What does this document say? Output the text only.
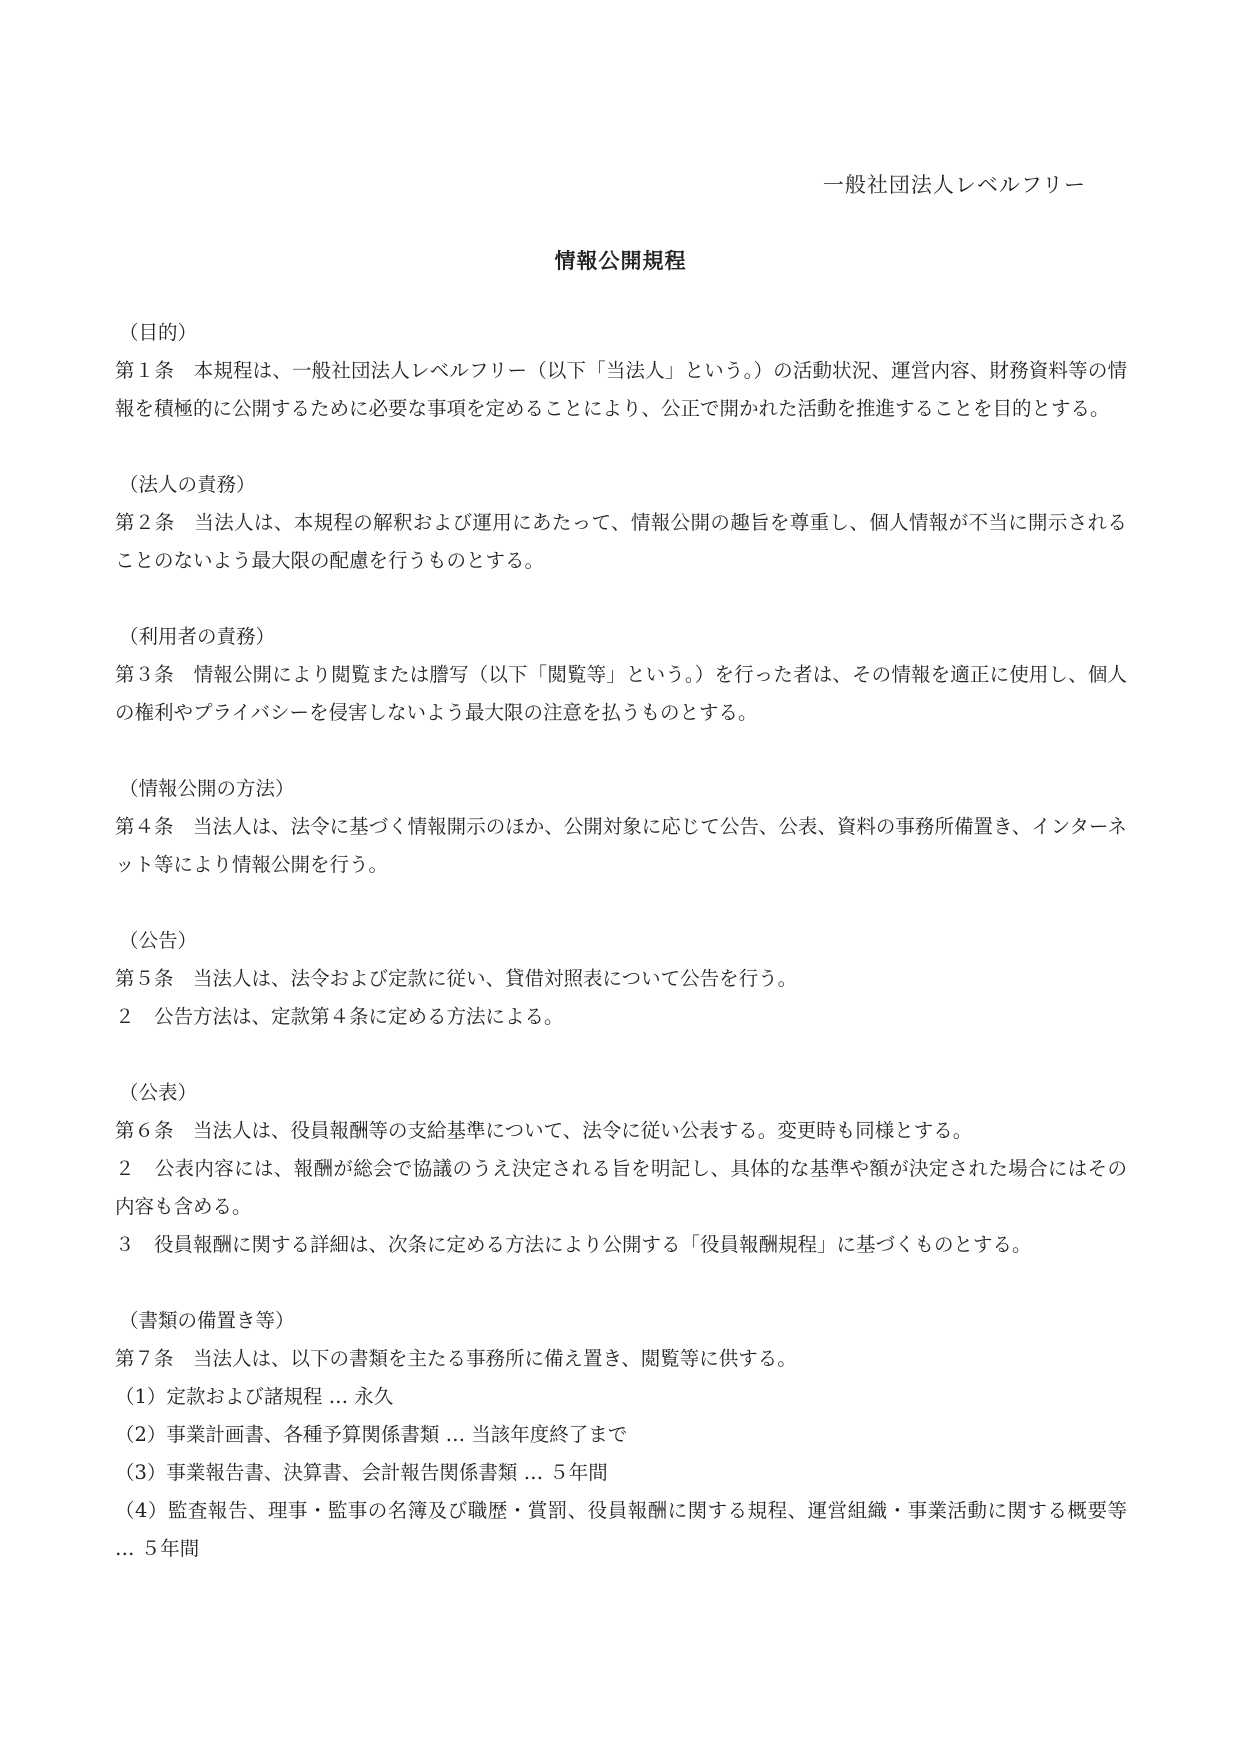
一般社団法人レベルフリー
情報公開規程

（目的）

第１条　本規程は、一般社団法人レベルフリー（以下「当法人」という。）の活動状況、運営内容、財務資料等の情報を積極的に公開するために必要な事項を定めることにより、公正で開かれた活動を推進することを目的とする。

（法人の責務）

第２条　当法人は、本規程の解釈および運用にあたって、情報公開の趣旨を尊重し、個人情報が不当に開示されることのないよう最大限の配慮を行うものとする。

（利用者の責務）

第３条　情報公開により閲覧または謄写（以下「閲覧等」という。）を行った者は、その情報を適正に使用し、個人の権利やプライバシーを侵害しないよう最大限の注意を払うものとする。

（情報公開の方法）

第４条　当法人は、法令に基づく情報開示のほか、公開対象に応じて公告、公表、資料の事務所備置き、インターネット等により情報公開を行う。

（公告）

第５条　当法人は、法令および定款に従い、貸借対照表について公告を行う。

２　公告方法は、定款第４条に定める方法による。

（公表）

第６条　当法人は、役員報酬等の支給基準について、法令に従い公表する。変更時も同様とする。

２　公表内容には、報酬が総会で協議のうえ決定される旨を明記し、具体的な基準や額が決定された場合にはその内容も含める。

３　役員報酬に関する詳細は、次条に定める方法により公開する「役員報酬規程」に基づくものとする。

（書類の備置き等）

第７条　当法人は、以下の書類を主たる事務所に備え置き、閲覧等に供する。

（1）定款および諸規程 … 永久

（2）事業計画書、各種予算関係書類 … 当該年度終了まで

（3）事業報告書、決算書、会計報告関係書類 … ５年間

（4）監査報告、理事・監事の名簿及び職歴・賞罰、役員報酬に関する規程、運営組織・事業活動に関する概要等 … ５年間
